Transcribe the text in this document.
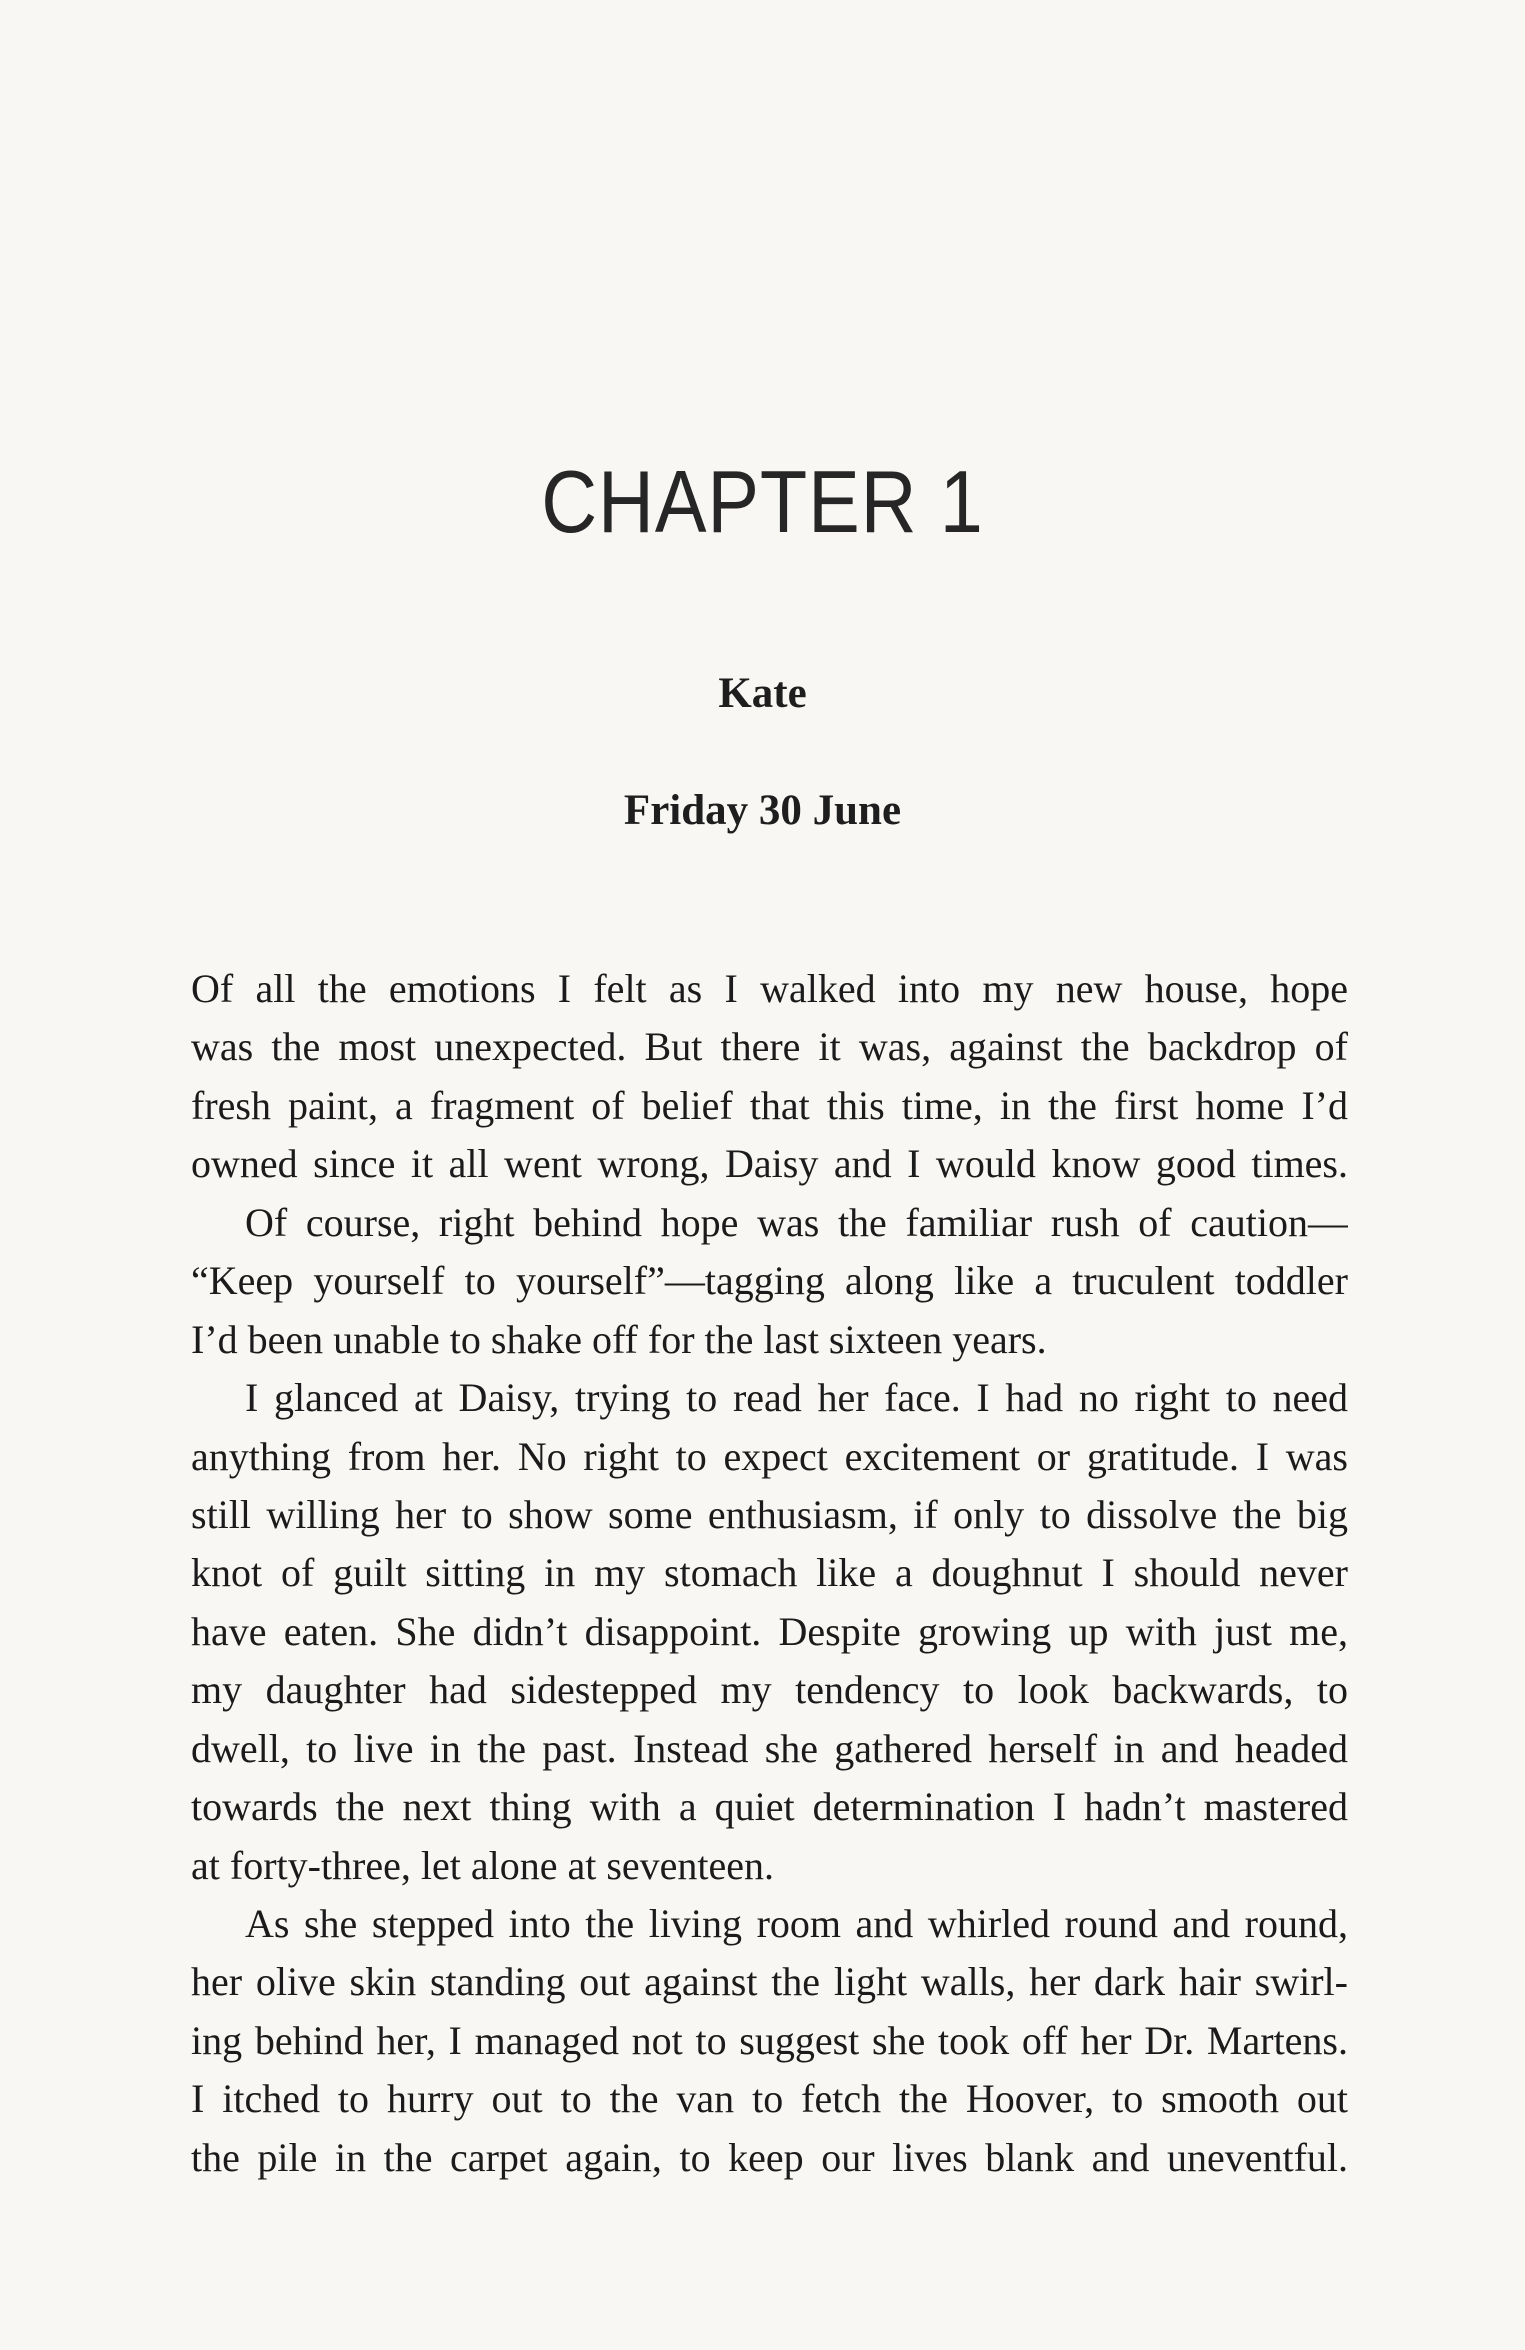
CHAPTER 1
Kate
Friday 30 June
Of all the emotions I felt as I walked into my new house, hope
was the most unexpected. But there it was, against the backdrop of
fresh paint, a fragment of belief that this time, in the first home I’d
owned since it all went wrong, Daisy and I would know good times.
Of course, right behind hope was the familiar rush of caution—
“Keep yourself to yourself”—tagging along like a truculent toddler
I’d been unable to shake off for the last sixteen years.
I glanced at Daisy, trying to read her face. I had no right to need
anything from her. No right to expect excitement or gratitude. I was
still willing her to show some enthusiasm, if only to dissolve the big
knot of guilt sitting in my stomach like a doughnut I should never
have eaten. She didn’t disappoint. Despite growing up with just me,
my daughter had sidestepped my tendency to look backwards, to
dwell, to live in the past. Instead she gathered herself in and headed
towards the next thing with a quiet determination I hadn’t mastered
at forty-three, let alone at seventeen.
As she stepped into the living room and whirled round and round,
her olive skin standing out against the light walls, her dark hair swirl-
ing behind her, I managed not to suggest she took off her Dr. Martens.
I itched to hurry out to the van to fetch the Hoover, to smooth out
the pile in the carpet again, to keep our lives blank and uneventful.
